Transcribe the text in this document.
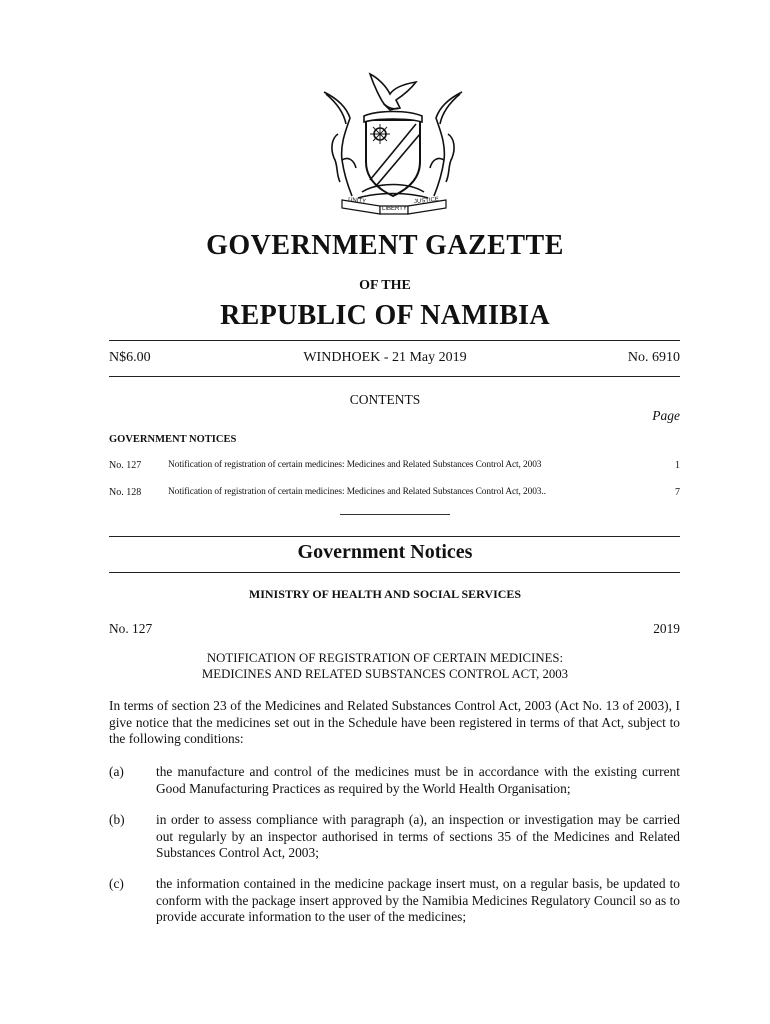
UNITY
LIBERTY
JUSTICE
GOVERNMENT GAZETTE
OF THE
REPUBLIC OF NAMIBIA
N$6.00	WINDHOEK - 21 May 2019	No. 6910
CONTENTS
Page
GOVERNMENT NOTICES
No. 127	Notification of registration of certain medicines: Medicines and Related Substances Control Act, 2003	1
No. 128	Notification of registration of certain medicines: Medicines and Related Substances Control Act, 2003..	7
Government Notices
MINISTRY OF HEALTH AND SOCIAL SERVICES
No. 127	2019
NOTIFICATION OF REGISTRATION OF CERTAIN MEDICINES:
MEDICINES AND RELATED SUBSTANCES CONTROL ACT, 2003
In terms of section 23 of the Medicines and Related Substances Control Act, 2003 (Act No. 13 of 2003), I give notice that the medicines set out in the Schedule have been registered in terms of that Act, subject to the following conditions:
(a) the manufacture and control of the medicines must be in accordance with the existing current Good Manufacturing Practices as required by the World Health Organisation;
(b) in order to assess compliance with paragraph (a), an inspection or investigation may be carried out regularly by an inspector authorised in terms of sections 35 of the Medicines and Related Substances Control Act, 2003;
(c) the information contained in the medicine package insert must, on a regular basis, be updated to conform with the package insert approved by the Namibia Medicines Regulatory Council so as to provide accurate information to the user of the medicines;
